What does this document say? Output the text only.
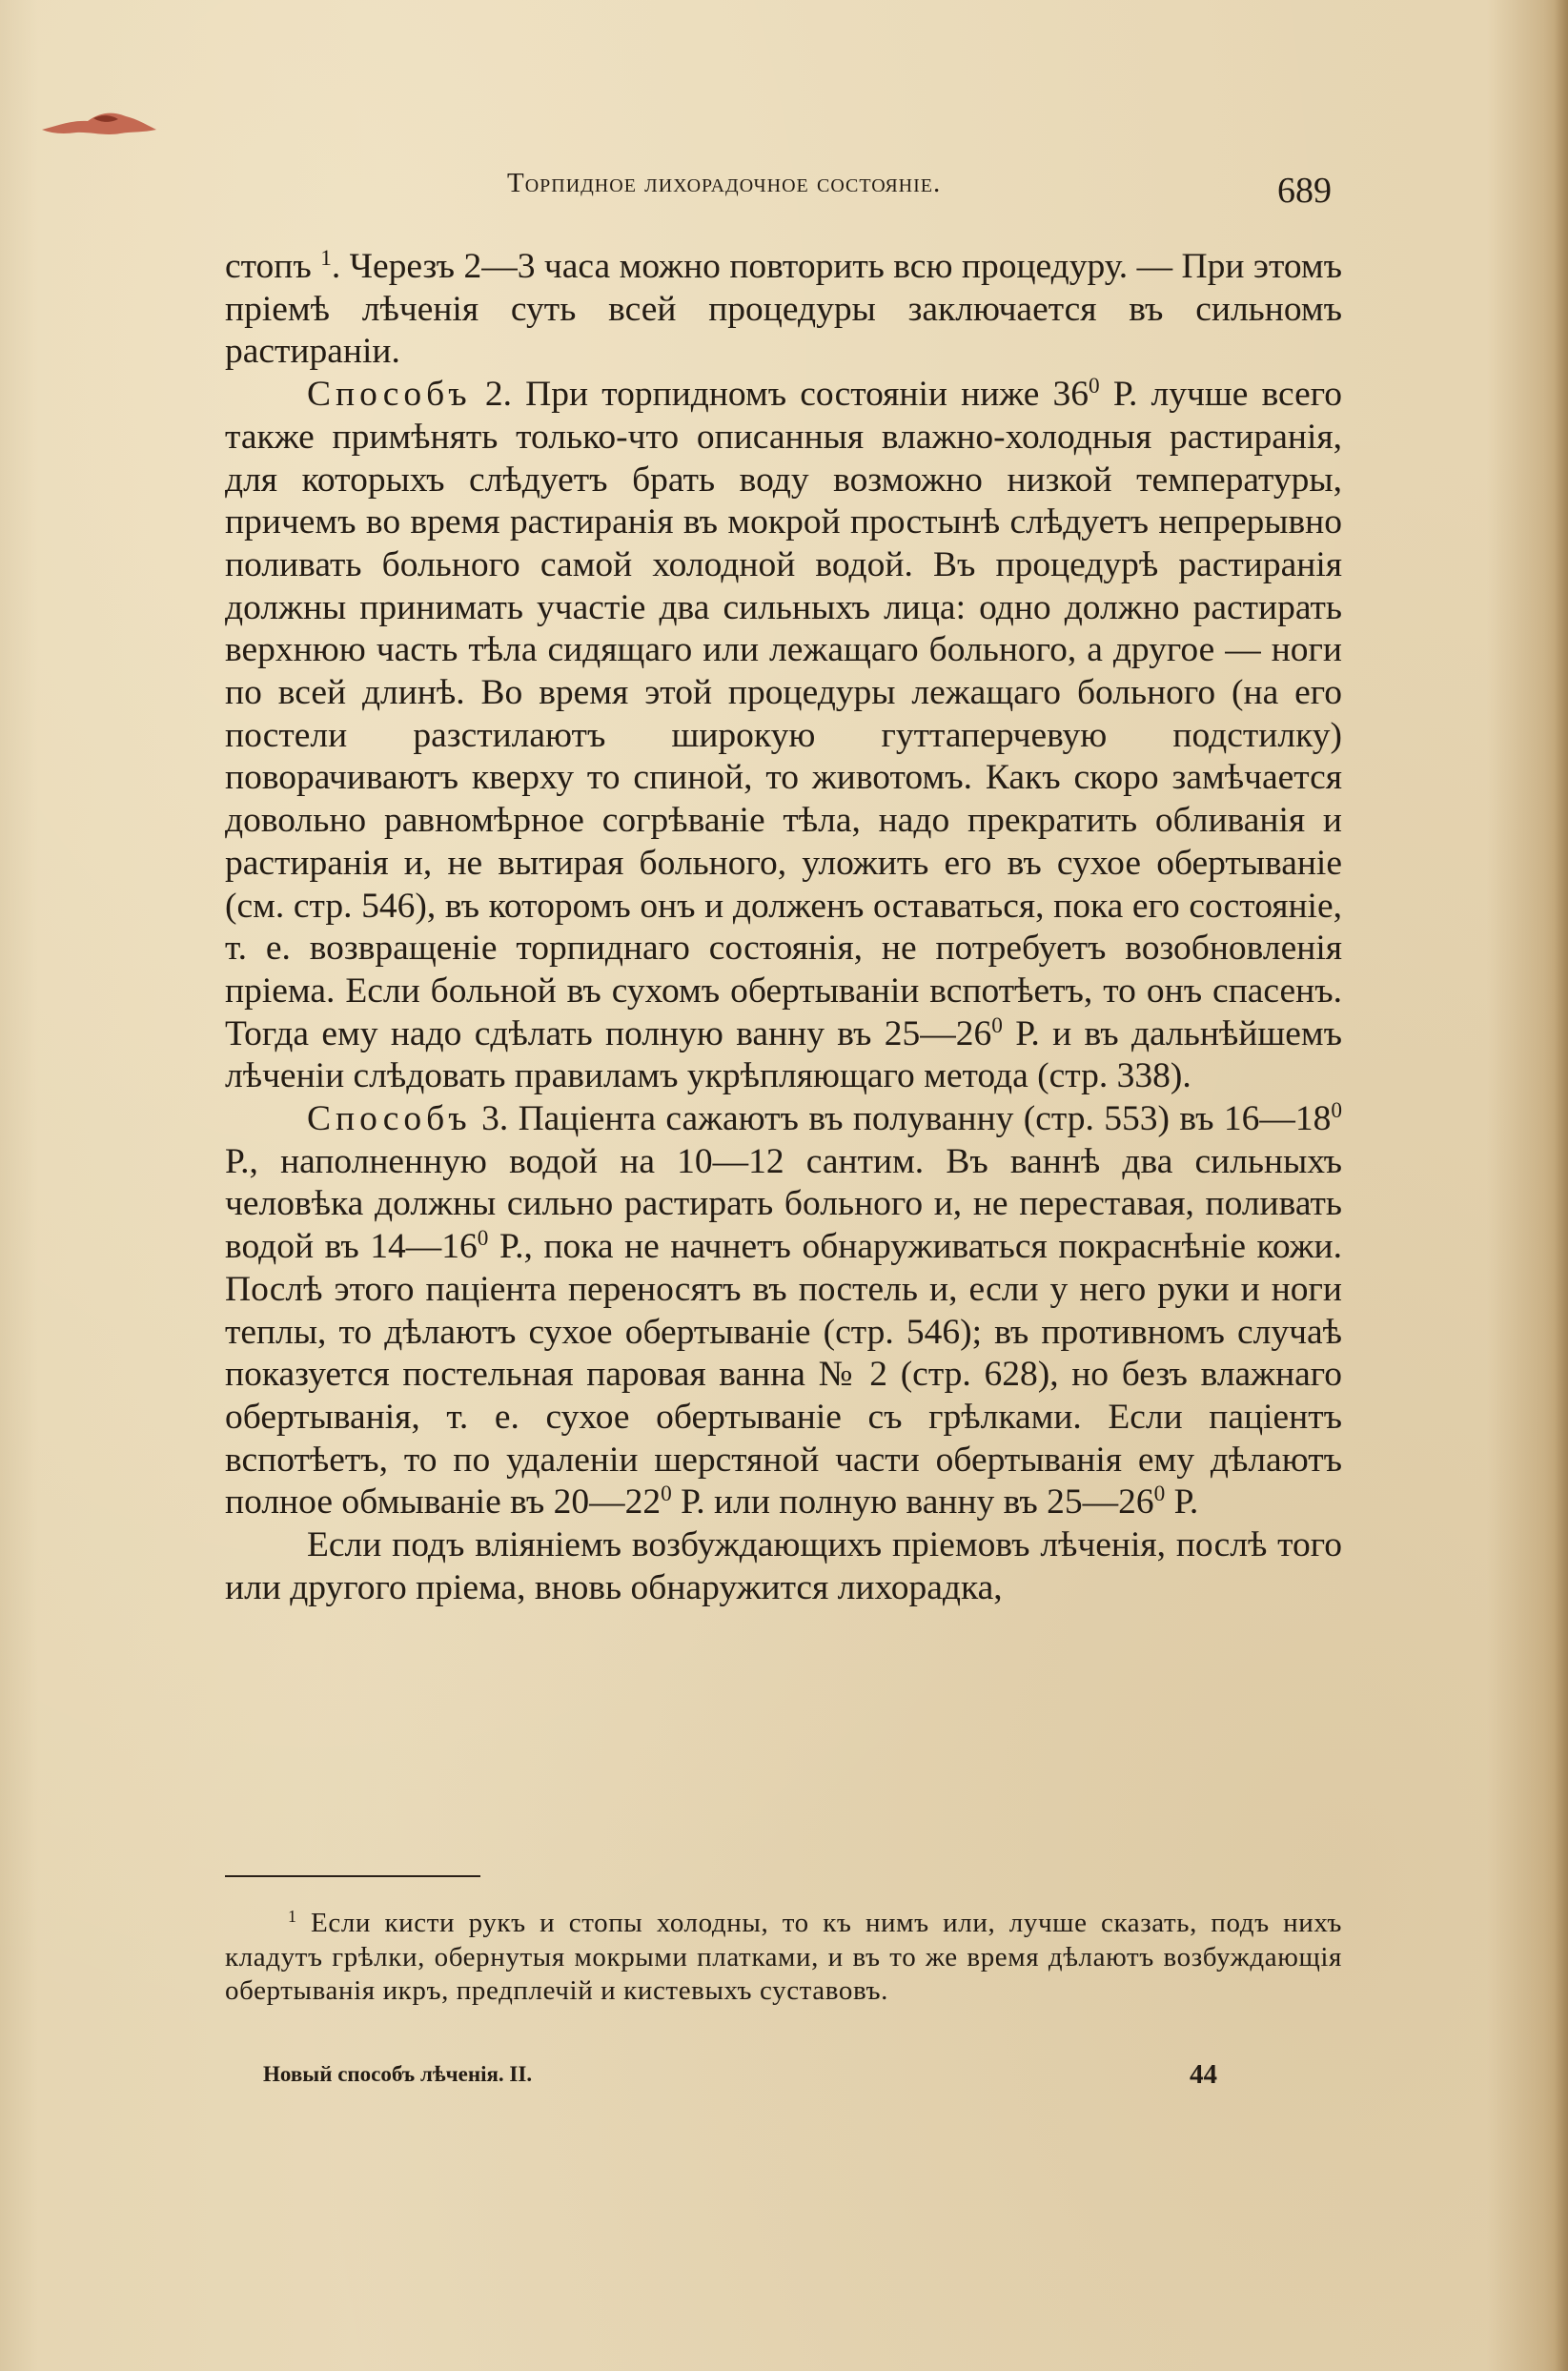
Торпидное лихорадочное состояніе.	689

стопъ $^1$. Черезъ 2—3 часа можно повторить всю процедуру. — При этомъ пріемѣ лѣченія суть всей процедуры заключается въ сильномъ растираніи.

Способъ 2. При торпидномъ состояніи ниже $36^0$ Р. лучше всего также примѣнять только-что описанныя влажно-холодныя растиранія, для которыхъ слѣдуетъ брать воду возможно низкой температуры, причемъ во время растиранія въ мокрой простынѣ слѣдуетъ непрерывно поливать больного самой холодной водой. Въ процедурѣ растиранія должны принимать участіе два сильныхъ лица: одно должно растирать верхнюю часть тѣла сидящаго или лежащаго больного, а другое — ноги по всей длинѣ. Во время этой процедуры лежащаго больного (на его постели разстилаютъ широкую гуттаперчевую подстилку) поворачиваютъ кверху то спиной, то животомъ. Какъ скоро замѣчается довольно равномѣрное согрѣваніе тѣла, надо прекратить обливанія и растиранія и, не вытирая больного, уложить его въ сухое обертываніе (см. стр. 546), въ которомъ онъ и долженъ оставаться, пока его состояніе, т. е. возвращеніе торпиднаго состоянія, не потребуетъ возобновленія пріема. Если больной въ сухомъ обертываніи вспотѣетъ, то онъ спасенъ. Тогда ему надо сдѣлать полную ванну въ $25—26^0$ Р. и въ дальнѣйшемъ лѣченіи слѣдовать правиламъ укрѣпляющаго метода (стр. 338).

Способъ 3. Паціента сажаютъ въ полуванну (стр. 553) въ $16—18^0$ Р., наполненную водой на 10—12 сантим. Въ ваннѣ два сильныхъ человѣка должны сильно растирать больного и, не переставая, поливать водой въ $14—16^0$ Р., пока не начнетъ обнаруживаться покраснѣніе кожи. Послѣ этого паціента переносятъ въ постель и, если у него руки и ноги теплы, то дѣлаютъ сухое обертываніе (стр. 546); въ противномъ случаѣ показуется постельная паровая ванна № 2 (стр. 628), но безъ влажнаго обертыванія, т. е. сухое обертываніе съ грѣлками. Если паціентъ вспотѣетъ, то по удаленіи шерстяной части обертыванія ему дѣлаютъ полное обмываніе въ $20—22^0$ Р. или полную ванну въ $25—26^0$ Р.

Если подъ вліяніемъ возбуждающихъ пріемовъ лѣченія, послѣ того или другого пріема, вновь обнаружится лихорадка,

$^1$ Если кисти рукъ и стопы холодны, то къ нимъ или, лучше сказать, подъ нихъ кладутъ грѣлки, обернутыя мокрыми платками, и въ то же время дѣлаютъ возбуждающія обертыванія икръ, предплечій и кистевыхъ суставовъ.
Новый способъ лѣченія. II.	44
